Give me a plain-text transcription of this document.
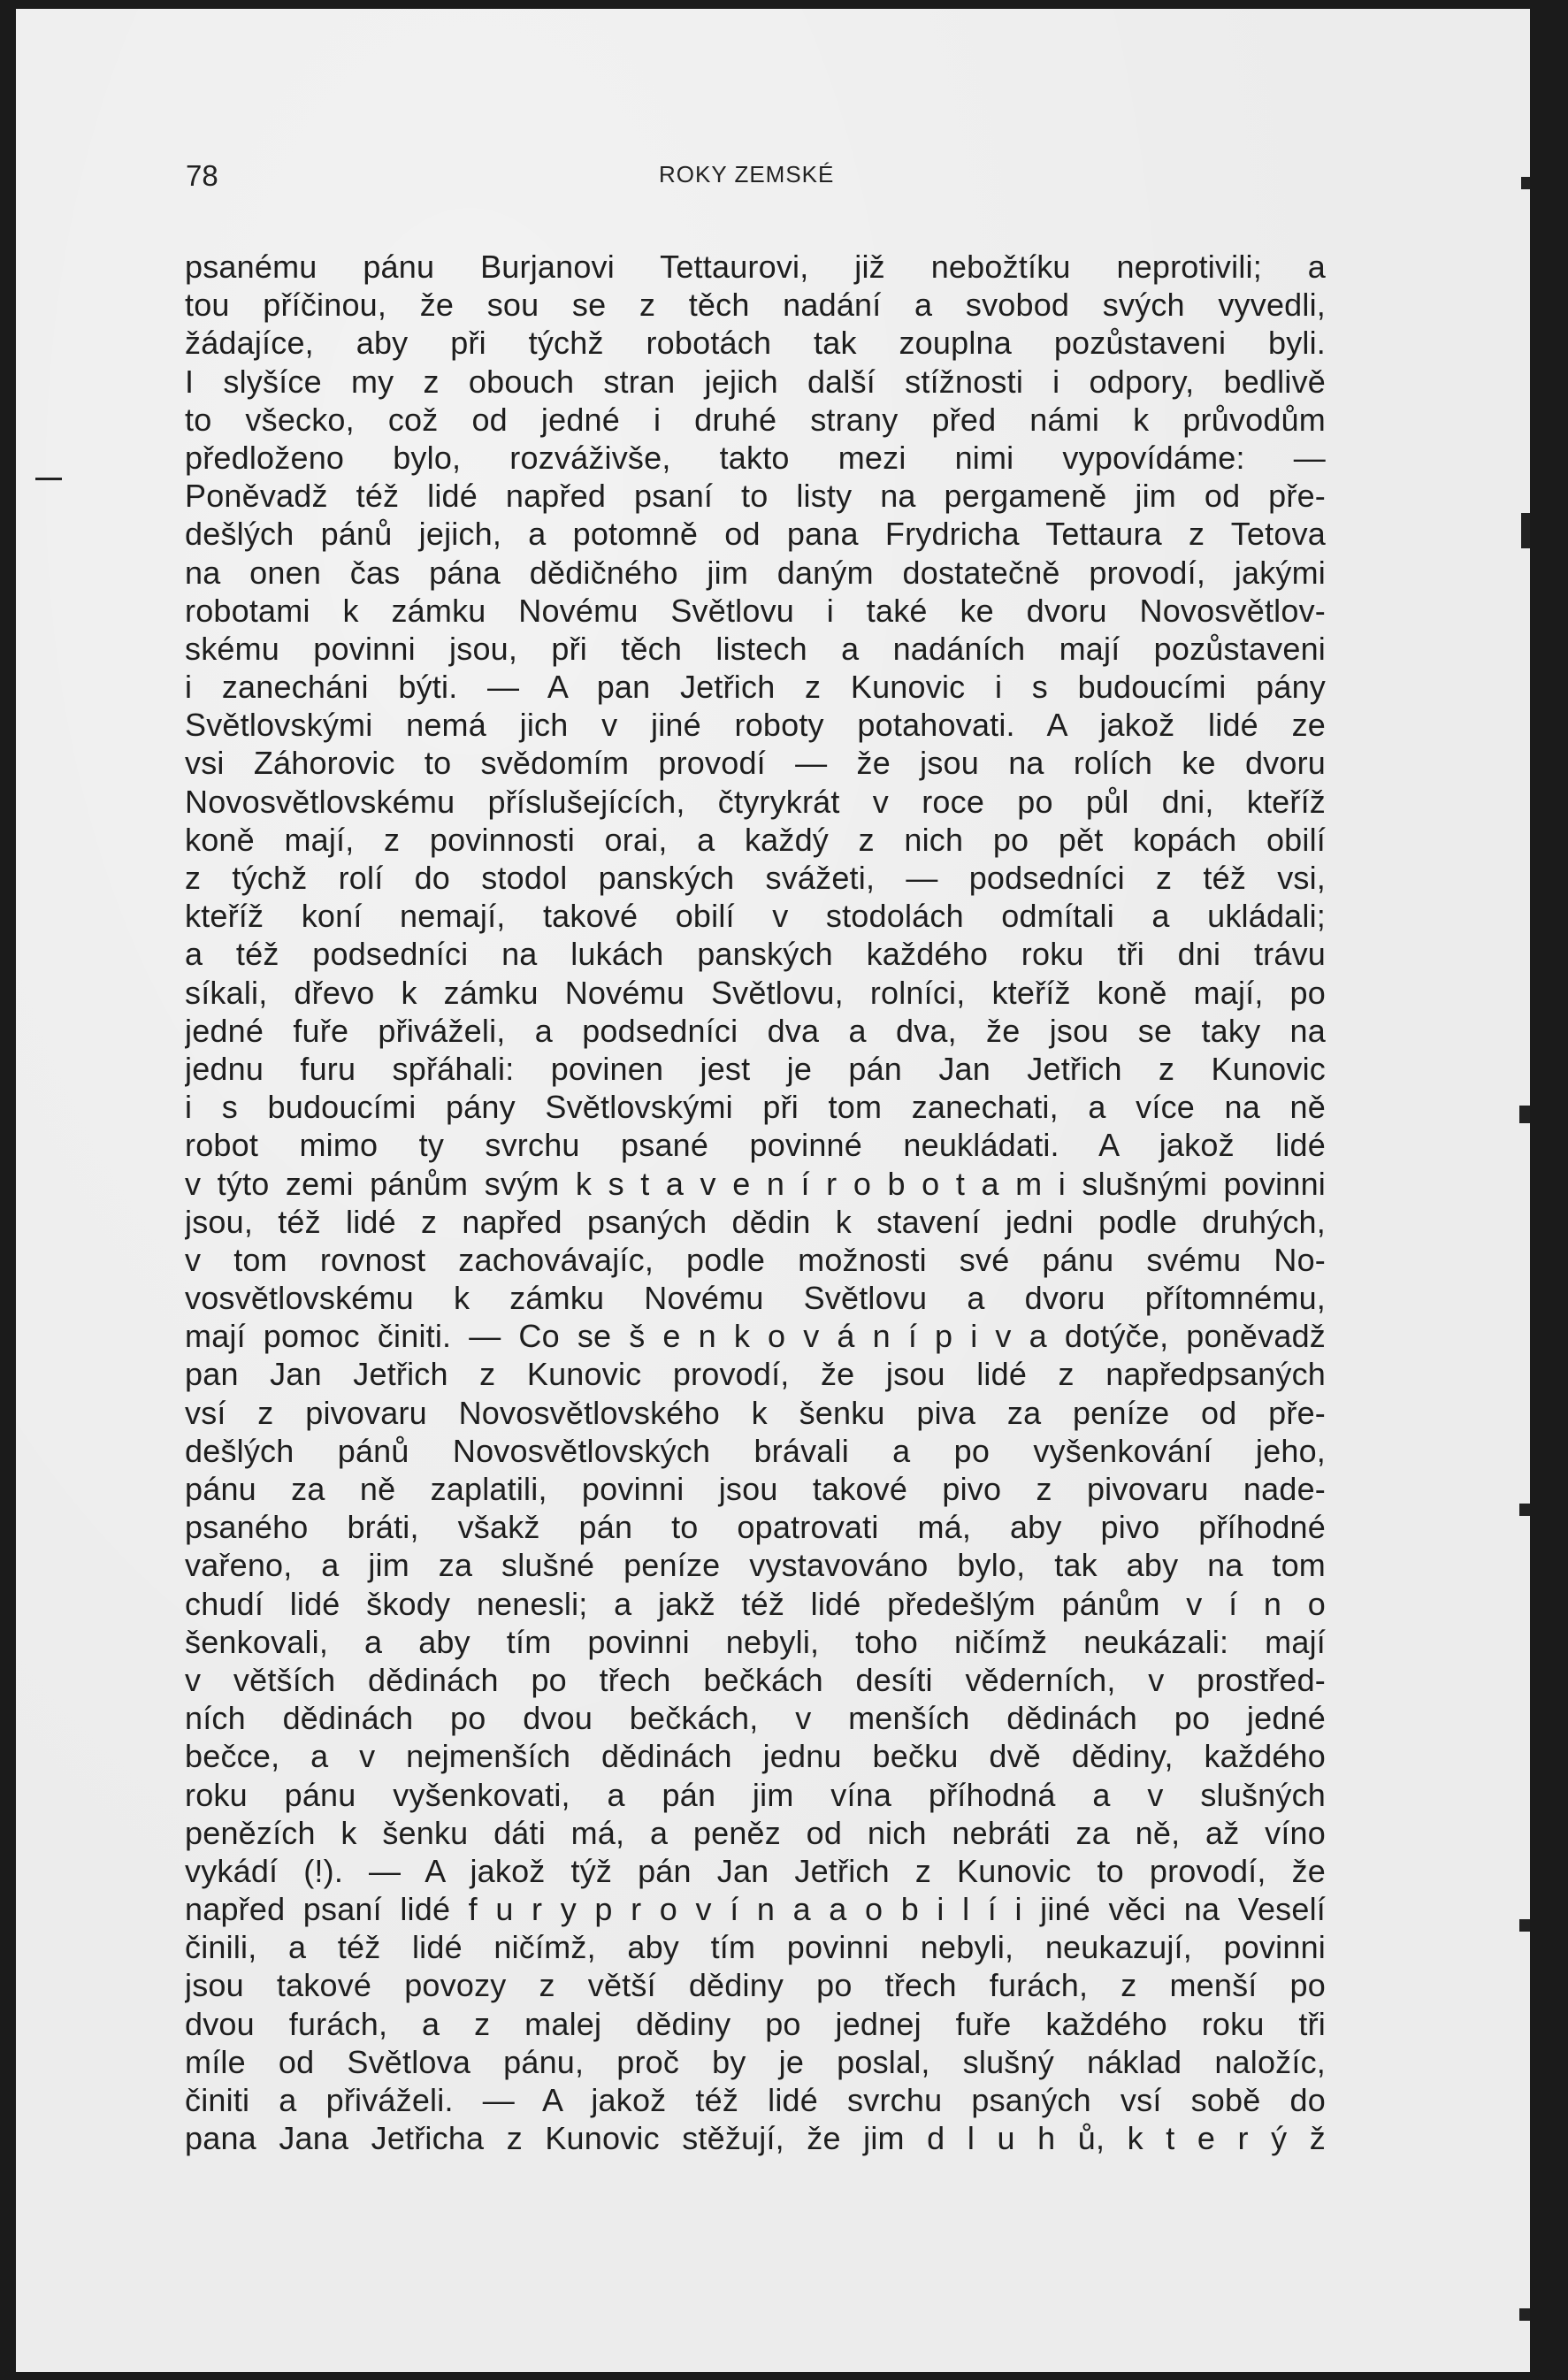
78	ROKY ZEMSKÉ
psanému pánu Burjanovi Tettaurovi, již nebožtíku neprotivili; a
tou příčinou, že sou se z těch nadání a svobod svých vyvedli,
žádajíce, aby při týchž robotách tak zouplna pozůstaveni byli.
I slyšíce my z obouch stran jejich další stížnosti i odpory, bedlivě
to všecko, což od jedné i druhé strany před námi k průvodům
předloženo bylo, rozváživše, takto mezi nimi vypovídáme: —
Poněvadž též lidé napřed psaní to listy na pergameně jim od pře-
dešlých pánů jejich, a potomně od pana Frydricha Tettaura z Tetova
na onen čas pána dědičného jim daným dostatečně provodí, jakými
robotami k zámku Novému Světlovu i také ke dvoru Novosvětlov-
skému povinni jsou, při těch listech a nadáních mají pozůstaveni
i zanecháni býti. — A pan Jetřich z Kunovic i s budoucími pány
Světlovskými nemá jich v jiné roboty potahovati. A jakož lidé ze
vsi Záhorovic to svědomím provodí — že jsou na rolích ke dvoru
Novosvětlovskému příslušejících, čtyrykrát v roce po půl dni, kteříž
koně mají, z povinnosti orai, a každý z nich po pět kopách obilí
z týchž rolí do stodol panských svážeti, — podsedníci z též vsi,
kteříž koní nemají, takové obilí v stodolách odmítali a ukládali;
a též podsedníci na lukách panských každého roku tři dni trávu
síkali, dřevo k zámku Novému Světlovu, rolníci, kteříž koně mají, po
jedné fuře přiváželi, a podsedníci dva a dva, že jsou se taky na
jednu furu spřáhali: povinen jest je pán Jan Jetřich z Kunovic
i s budoucími pány Světlovskými při tom zanechati, a více na ně
robot mimo ty svrchu psané povinné neukládati. A jakož lidé
v týto zemi pánům svým k s t a v e n í r o b o t a m i slušnými povinni
jsou, též lidé z napřed psaných dědin k stavení jedni podle druhých,
v tom rovnost zachovávajíc, podle možnosti své pánu svému No-
vosvětlovskému k zámku Novému Světlovu a dvoru přítomnému,
mají pomoc činiti. — Co se š e n k o v á n í p i v a dotýče, poněvadž
pan Jan Jetřich z Kunovic provodí, že jsou lidé z napředpsaných
vsí z pivovaru Novosvětlovského k šenku piva za peníze od pře-
dešlých pánů Novosvětlovských brávali a po vyšenkování jeho,
pánu za ně zaplatili, povinni jsou takové pivo z pivovaru nade-
psaného bráti, všakž pán to opatrovati má, aby pivo příhodné
vařeno, a jim za slušné peníze vystavováno bylo, tak aby na tom
chudí lidé škody nenesli; a jakž též lidé předešlým pánům v í n o
šenkovali, a aby tím povinni nebyli, toho ničímž neukázali: mají
v větších dědinách po třech bečkách desíti věderních, v prostřed-
ních dědinách po dvou bečkách, v menších dědinách po jedné
bečce, a v nejmenších dědinách jednu bečku dvě dědiny, každého
roku pánu vyšenkovati, a pán jim vína příhodná a v slušných
penězích k šenku dáti má, a peněz od nich nebráti za ně, až víno
vykádí (!). — A jakož týž pán Jan Jetřich z Kunovic to provodí, že
napřed psaní lidé f u r y p r o v í n a a o b i l í i jiné věci na Veselí
činili, a též lidé ničímž, aby tím povinni nebyli, neukazují, povinni
jsou takové povozy z větší dědiny po třech furách, z menší po
dvou furách, a z malej dědiny po jednej fuře každého roku tři
míle od Světlova pánu, proč by je poslal, slušný náklad naložíc,
činiti a přiváželi. — A jakož též lidé svrchu psaných vsí sobě do
pana Jana Jetřicha z Kunovic stěžují, že jim d l u h ů, k t e r ý ž
